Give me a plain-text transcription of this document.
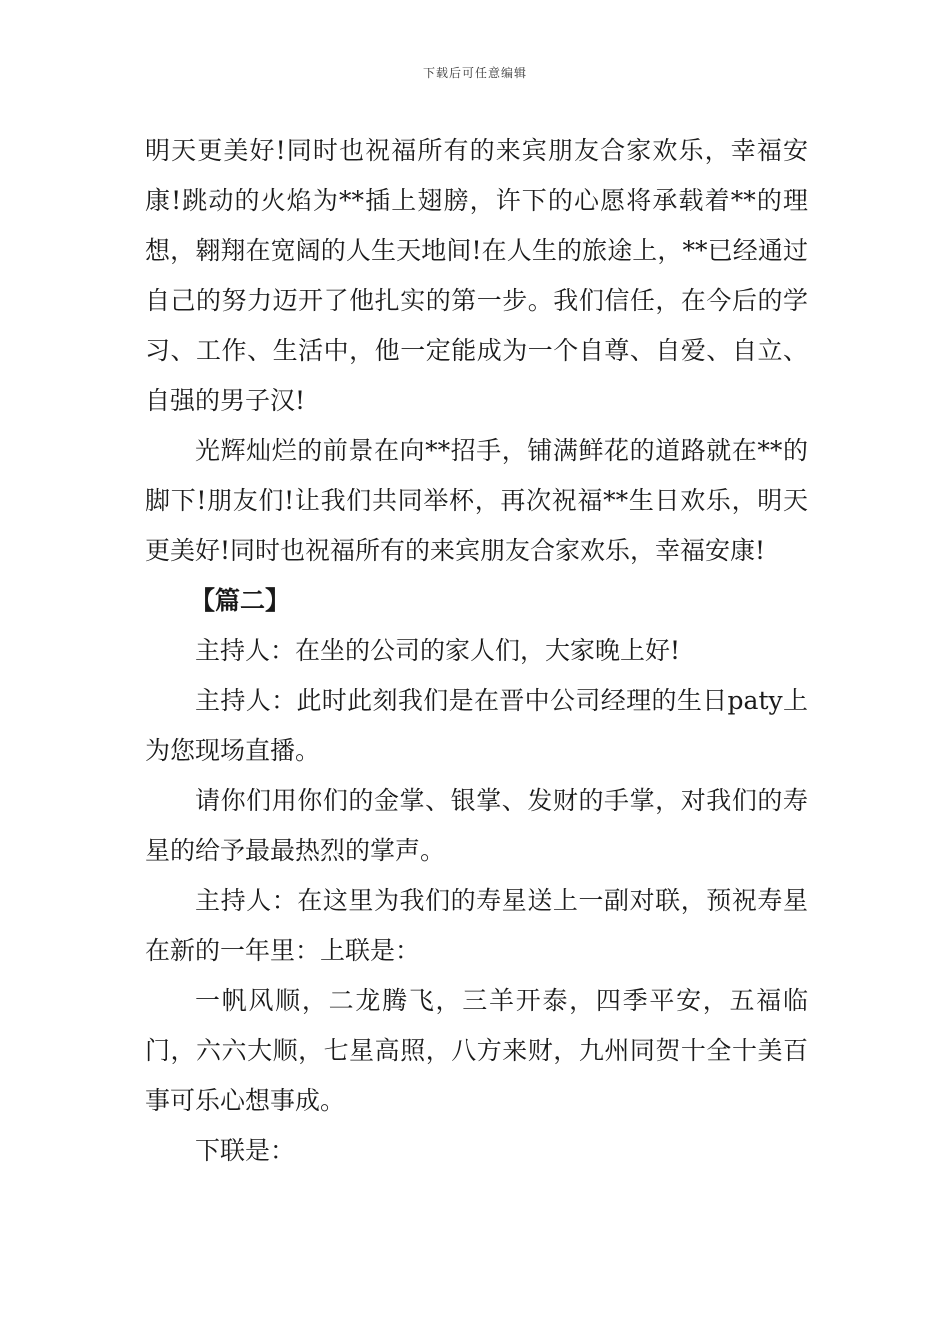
下载后可任意编辑

明天更美好!同时也祝福所有的来宾朋友合家欢乐，幸福安康!跳动的火焰为**插上翅膀，许下的心愿将承载着**的理想，翱翔在宽阔的人生天地间!在人生的旅途上，**已经通过自己的努力迈开了他扎实的第一步。我们信任，在今后的学习、工作、生活中，他一定能成为一个自尊、自爱、自立、自强的男子汉!

光辉灿烂的前景在向**招手，铺满鲜花的道路就在**的脚下!朋友们!让我们共同举杯，再次祝福**生日欢乐，明天更美好!同时也祝福所有的来宾朋友合家欢乐，幸福安康!

【篇二】

主持人：在坐的公司的家人们，大家晚上好!

主持人：此时此刻我们是在晋中公司经理的生日paty上为您现场直播。

请你们用你们的金掌、银掌、发财的手掌，对我们的寿星的给予最最热烈的掌声。

主持人：在这里为我们的寿星送上一副对联，预祝寿星在新的一年里：上联是：

一帆风顺，二龙腾飞，三羊开泰，四季平安，五福临门，六六大顺，七星高照，八方来财，九州同贺十全十美百事可乐心想事成。

下联是：
